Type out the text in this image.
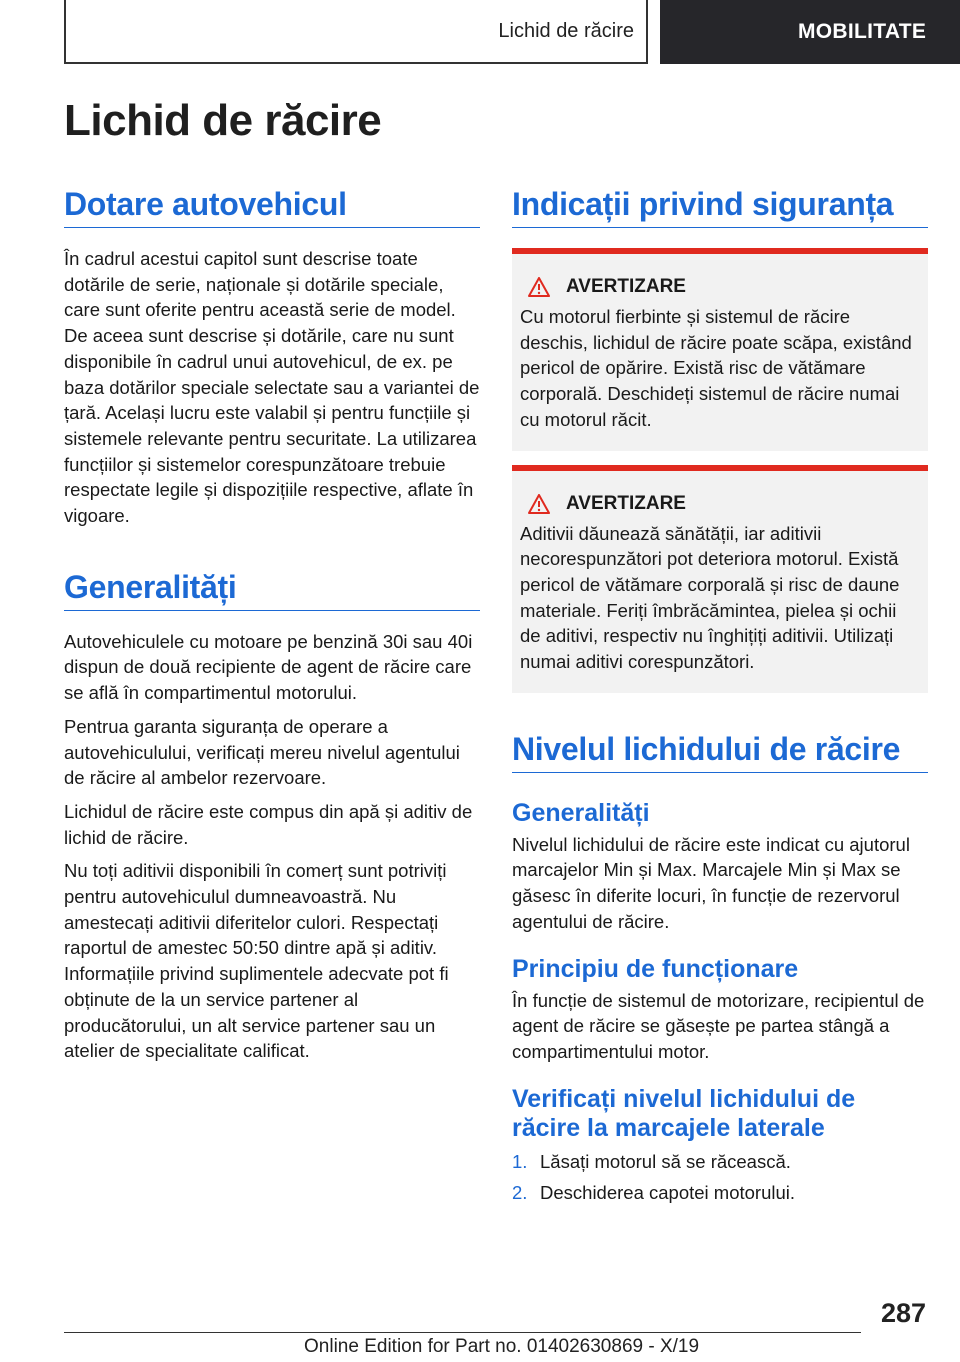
Lichid de răcire	MOBILITATE
Lichid de răcire
Dotare autovehicul

În cadrul acestui capitol sunt descrise toate dotările de serie, naționale și dotările speciale, care sunt oferite pentru această serie de model. De aceea sunt descrise și dotările, care nu sunt disponibile în cadrul unui autovehicul, de ex. pe baza dotărilor speciale selectate sau a variantei de țară. Același lucru este valabil și pentru funcțiile și sistemele relevante pentru securitate. La utilizarea funcțiilor și sistemelor corespunzătoare trebuie respectate legile și dispozițiile respective, aflate în vigoare.

Generalități

Autovehiculele cu motoare pe benzină 30i sau 40i dispun de două recipiente de agent de răcire care se află în compartimentul motorului.

Pentrua garanta siguranța de operare a autovehiculului, verificați mereu nivelul agentului de răcire al ambelor rezervoare.

Lichidul de răcire este compus din apă și aditiv de lichid de răcire.

Nu toți aditivii disponibili în comerț sunt potriviți pentru autovehiculul dumneavoastră. Nu amestecați aditivii diferitelor culori. Respectați raportul de amestec 50:50 dintre apă și aditiv. Informațiile privind suplimentele adecvate pot fi obținute de la un service partener al producătorului, un alt service partener sau un atelier de specialitate calificat.

Indicații privind siguranța
AVERTIZARE

Cu motorul fierbinte și sistemul de răcire deschis, lichidul de răcire poate scăpa, existând pericol de opărire. Există risc de vătămare corporală. Deschideți sistemul de răcire numai cu motorul răcit.

AVERTIZARE

Aditivii dăunează sănătății, iar aditivii necorespunzători pot deteriora motorul. Există pericol de vătămare corporală și risc de daune materiale. Feriți îmbrăcămintea, pielea și ochii de aditivi, respectiv nu înghițiți aditivii. Utilizați numai aditivi corespunzători.

Nivelul lichidului de răcire
Generalități

Nivelul lichidului de răcire este indicat cu ajutorul marcajelor Min și Max. Marcajele Min și Max se găsesc în diferite locuri, în funcție de rezervorul agentului de răcire.

Principiu de funcționare

În funcție de sistemul de motorizare, recipientul de agent de răcire se găsește pe partea stângă a compartimentului motor.

Verificați nivelul lichidului de răcire la marcajele laterale
1. Lăsați motorul să se răcească.
2. Deschiderea capotei motorului.
287
Online Edition for Part no. 01402630869 - X/19
